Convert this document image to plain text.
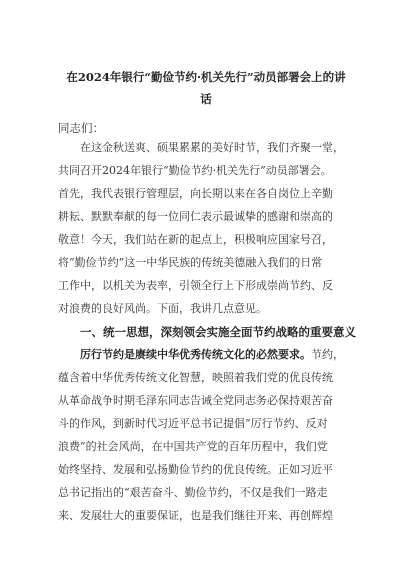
在2024年银行“勤俭节约·机关先行”动员部署会上的讲

话

同志们：

在这金秋送爽、硕果累累的美好时节，我们齐聚一堂，

共同召开2024年银行“勤俭节约·机关先行”动员部署会。

首先，我代表银行管理层，向长期以来在各自岗位上辛勤

耕耘、默默奉献的每一位同仁表示最诚挚的感谢和崇高的

敬意！今天，我们站在新的起点上，积极响应国家号召，

将“勤俭节约”这一中华民族的传统美德融入我们的日常

工作中，以机关为表率，引领全行上下形成崇尚节约、反

对浪费的良好风尚。下面，我讲几点意见。

一、统一思想，深刻领会实施全面节约战略的重要意义

厉行节约是赓续中华优秀传统文化的必然要求。节约，

蕴含着中华优秀传统文化智慧，映照着我们党的优良传统

从革命战争时期毛泽东同志告诫全党同志务必保持艰苦奋

斗的作风，到新时代习近平总书记提倡“厉行节约、反对

浪费”的社会风尚，在中国共产党的百年历程中，我们党

始终坚持、发展和弘扬勤俭节约的优良传统。正如习近平

总书记指出的“艰苦奋斗、勤俭节约，不仅是我们一路走

来、发展壮大的重要保证，也是我们继往开来、再创辉煌
